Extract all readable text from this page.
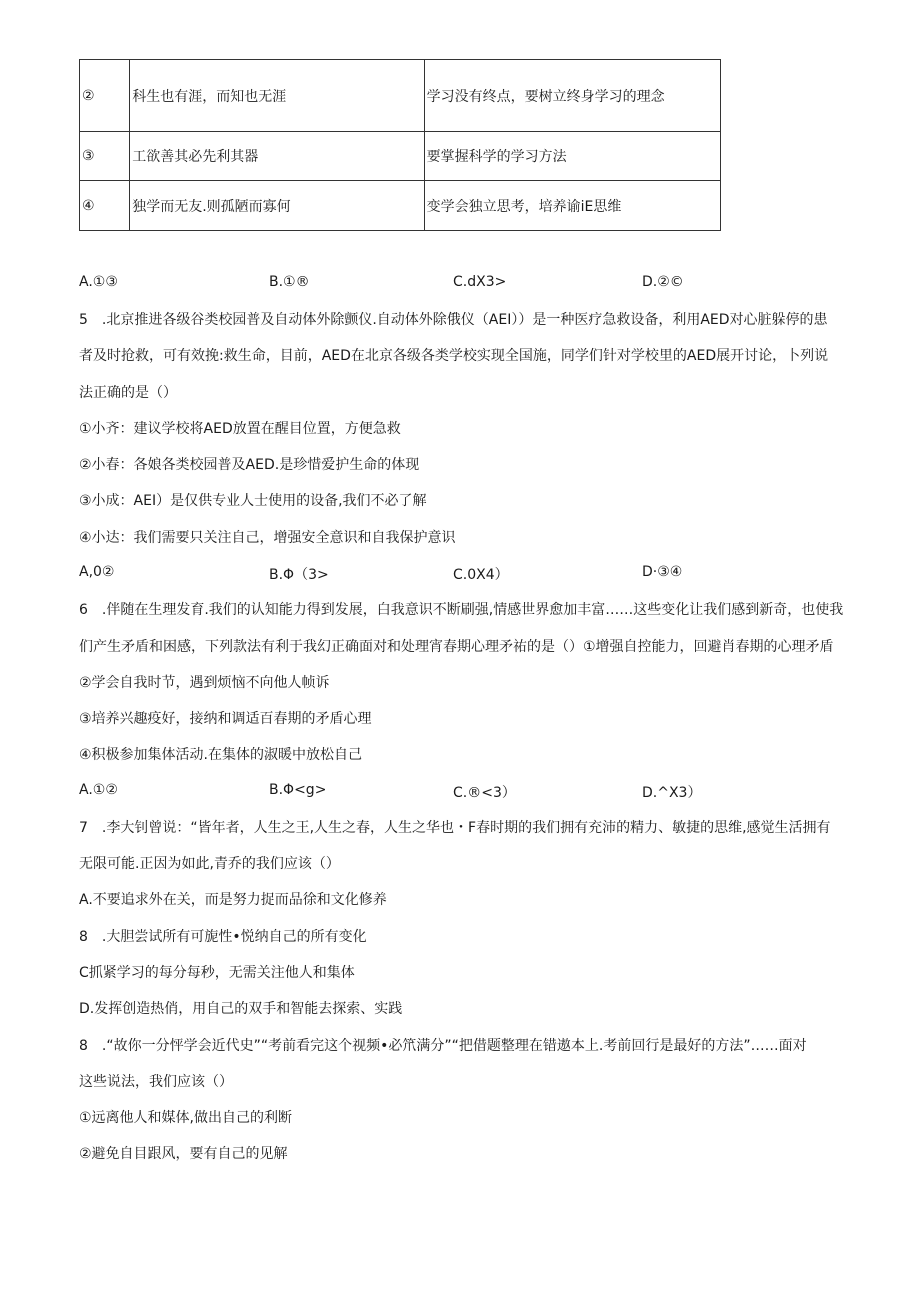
②	科生也有涯，而知也无涯	学习没有终点，要树立终身学习的理念
③	工欲善其必先利其器	要掌握科学的学习方法
④	独学而无友.则孤陋而寡何	变学会独立思考，培养谕iE思维
A.①③	B.①®	C.dX3>	D.②©
5　.北京推进各级谷类校园普及自动体外除颤仪.自动体外除俄仪（AEI））是一种医疗急救设备，利用AED对心脏躲停的患
者及时抢救，可有效挽:救生命，目前，AED在北京各级各类学校实现全国施，同学们针对学校里的AED展开讨论，卜列说
法正确的是（）
①小齐：建议学校将AED放置在醒目位置，方便急救
②小春：各娘各类校园普及AED.是珍惜爱护生命的体现
③小成：AEI）是仅供专业人士使用的设备,我们不必了解
④小达：我们需要只关注自己，增强安全意识和自我保护意识
A,0②	B.Φ（3>	C.0X4）	D·③④
6　.伴随在生理发育.我们的认知能力得到发展，白我意识不断刷强,情感世界愈加丰富……这些变化让我们感到新奇，也使我
们产生矛盾和困感，下列款法有利于我幻正确面对和处理宵春期心理矛祐的是（）①增强自控能力，回避肖春期的心理矛盾
②学会自我时节，遇到烦恼不向他人帧诉
③培养兴趣疫好，接纳和调适百春期的矛盾心理
④积极参加集体活动.在集体的淑暖中放松自己
A.①②	B.Φ<g>	C.®<3）	D.^X3）
7　.李大钊曾说：“皆年者，人生之王,人生之春，人生之华也・F春时期的我们拥有充沛的精力、敏捷的思维,感觉生活拥有
无限可能.正因为如此,青乔的我们应该（）
A.不要追求外在关，而是努力捉而品徐和文化修养
8　.大胆尝试所有可旎性•悦纳自己的所有变化
C抓紧学习的每分每秒，无需关注他人和集体
D.发挥创造热俏，用自己的双手和智能去探索、实践
8　.“故你一分怦学会近代史”“考前看完这个视频•必笊满分”“把借题整理在错遨本上.考前回行是最好的方法”……面对
这些说法，我们应该（）
①远离他人和媒体,做出自己的利断
②避免自目跟风，要有自己的见解
